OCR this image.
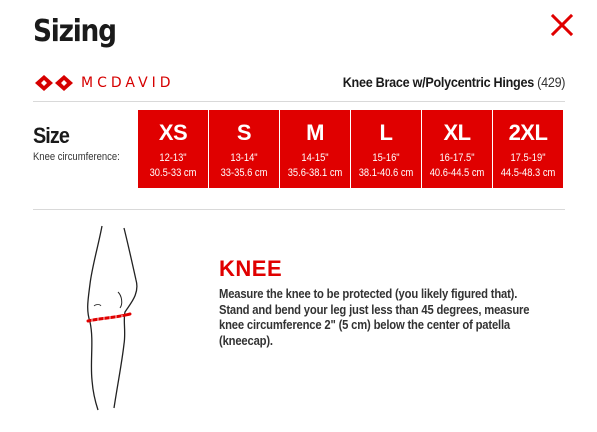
Sizing
MCDAVID	Knee Brace w/Polycentric Hinges (429)
Size
Knee circumference:
XS
12-13"
30.5-33 cm
S
13-14"
33-35.6 cm
M
14-15"
35.6-38.1 cm
L
15-16"
38.1-40.6 cm
XL
16-17.5"
40.6-44.5 cm
2XL
17.5-19"
44.5-48.3 cm
KNEE
Measure the knee to be protected (you likely figured that). Stand and bend your leg just less than 45 degrees, measure knee circumference 2" (5 cm) below the center of patella (kneecap).
